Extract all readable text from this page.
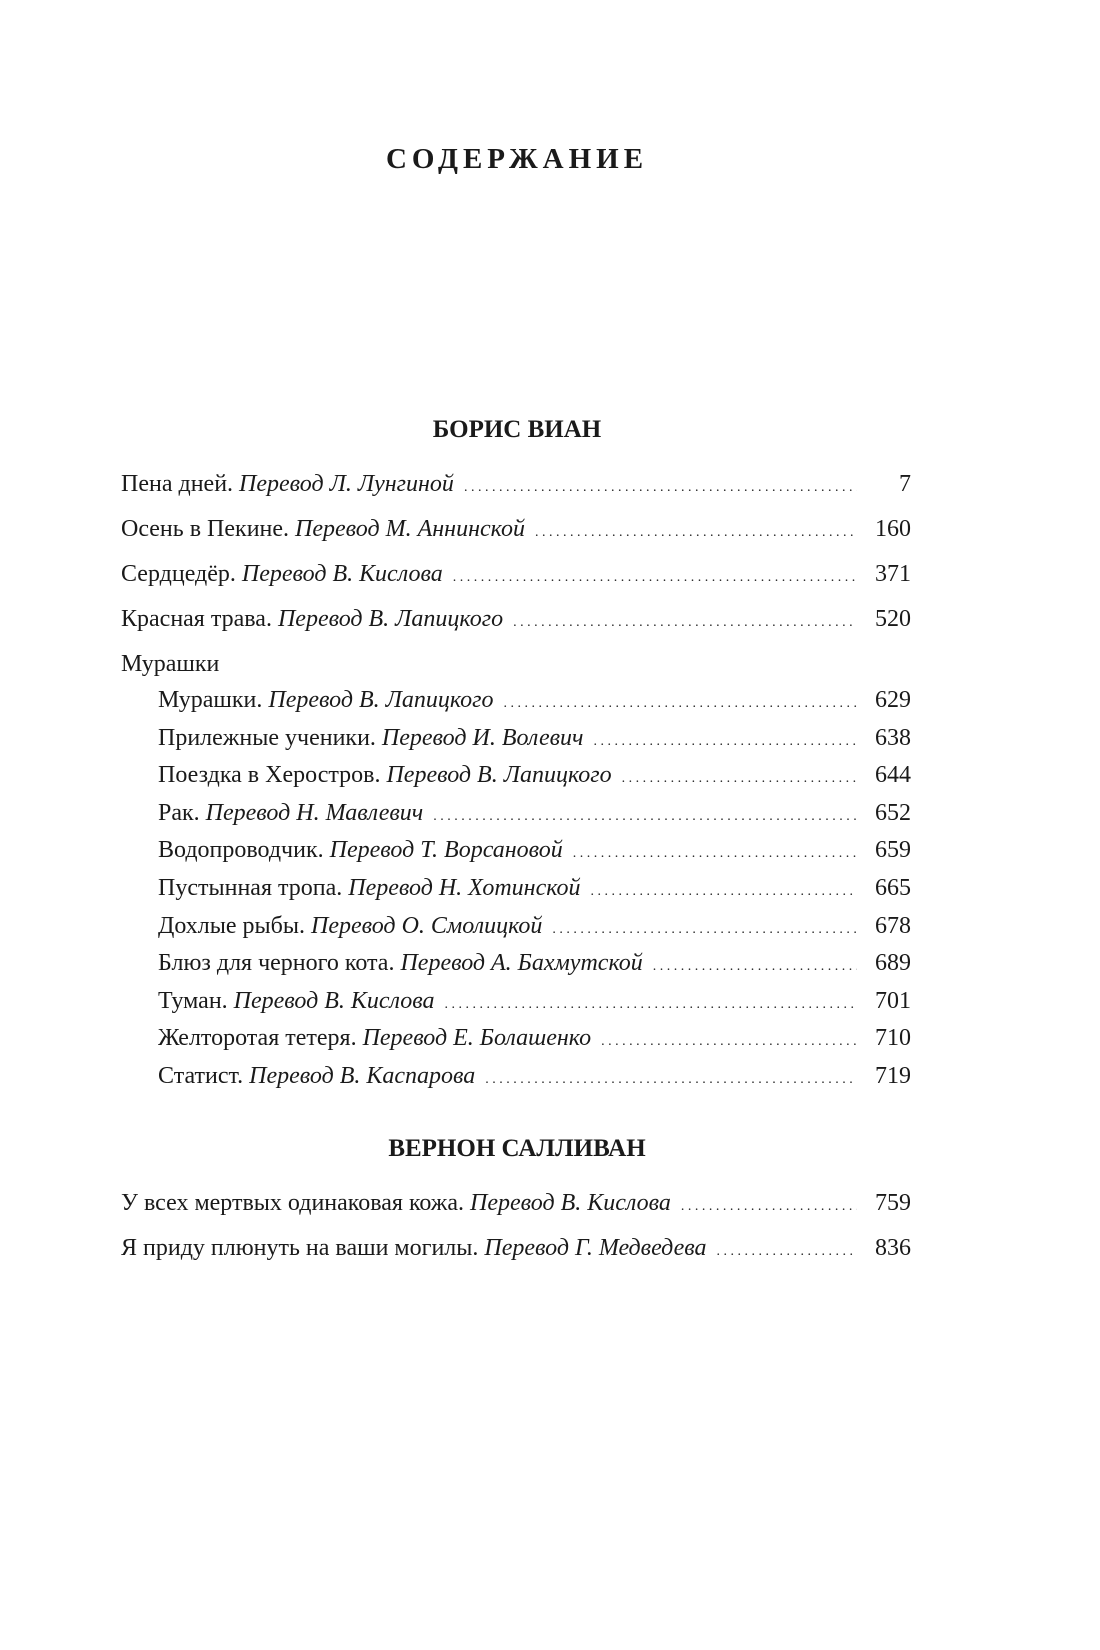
СОДЕРЖАНИЕ
БОРИС ВИАН
Пена дней. Перевод Л. Лунгиной . . .	7
Осень в Пекине. Перевод М. Аннинской . . .	160
Сердцедёр. Перевод В. Кислова . . .	371
Красная трава. Перевод В. Лапицкого . . .	520
Мурашки
Мурашки. Перевод В. Лапицкого . . .	629
Прилежные ученики. Перевод И. Волевич . . .	638
Поездка в Херостров. Перевод В. Лапицкого . . .	644
Рак. Перевод Н. Мавлевич . . .	652
Водопроводчик. Перевод Т. Ворсановой . . .	659
Пустынная тропа. Перевод Н. Хотинской . . .	665
Дохлые рыбы. Перевод О. Смолицкой . . .	678
Блюз для черного кота. Перевод А. Бахмутской . . .	689
Туман. Перевод В. Кислова . . .	701
Желторотая тетеря. Перевод Е. Болашенко . . .	710
Статист. Перевод В. Каспарова . . .	719
ВЕРНОН САЛЛИВАН
У всех мертвых одинаковая кожа. Перевод В. Кислова . . .	759
Я приду плюнуть на ваши могилы. Перевод Г. Медведева . . .	836
